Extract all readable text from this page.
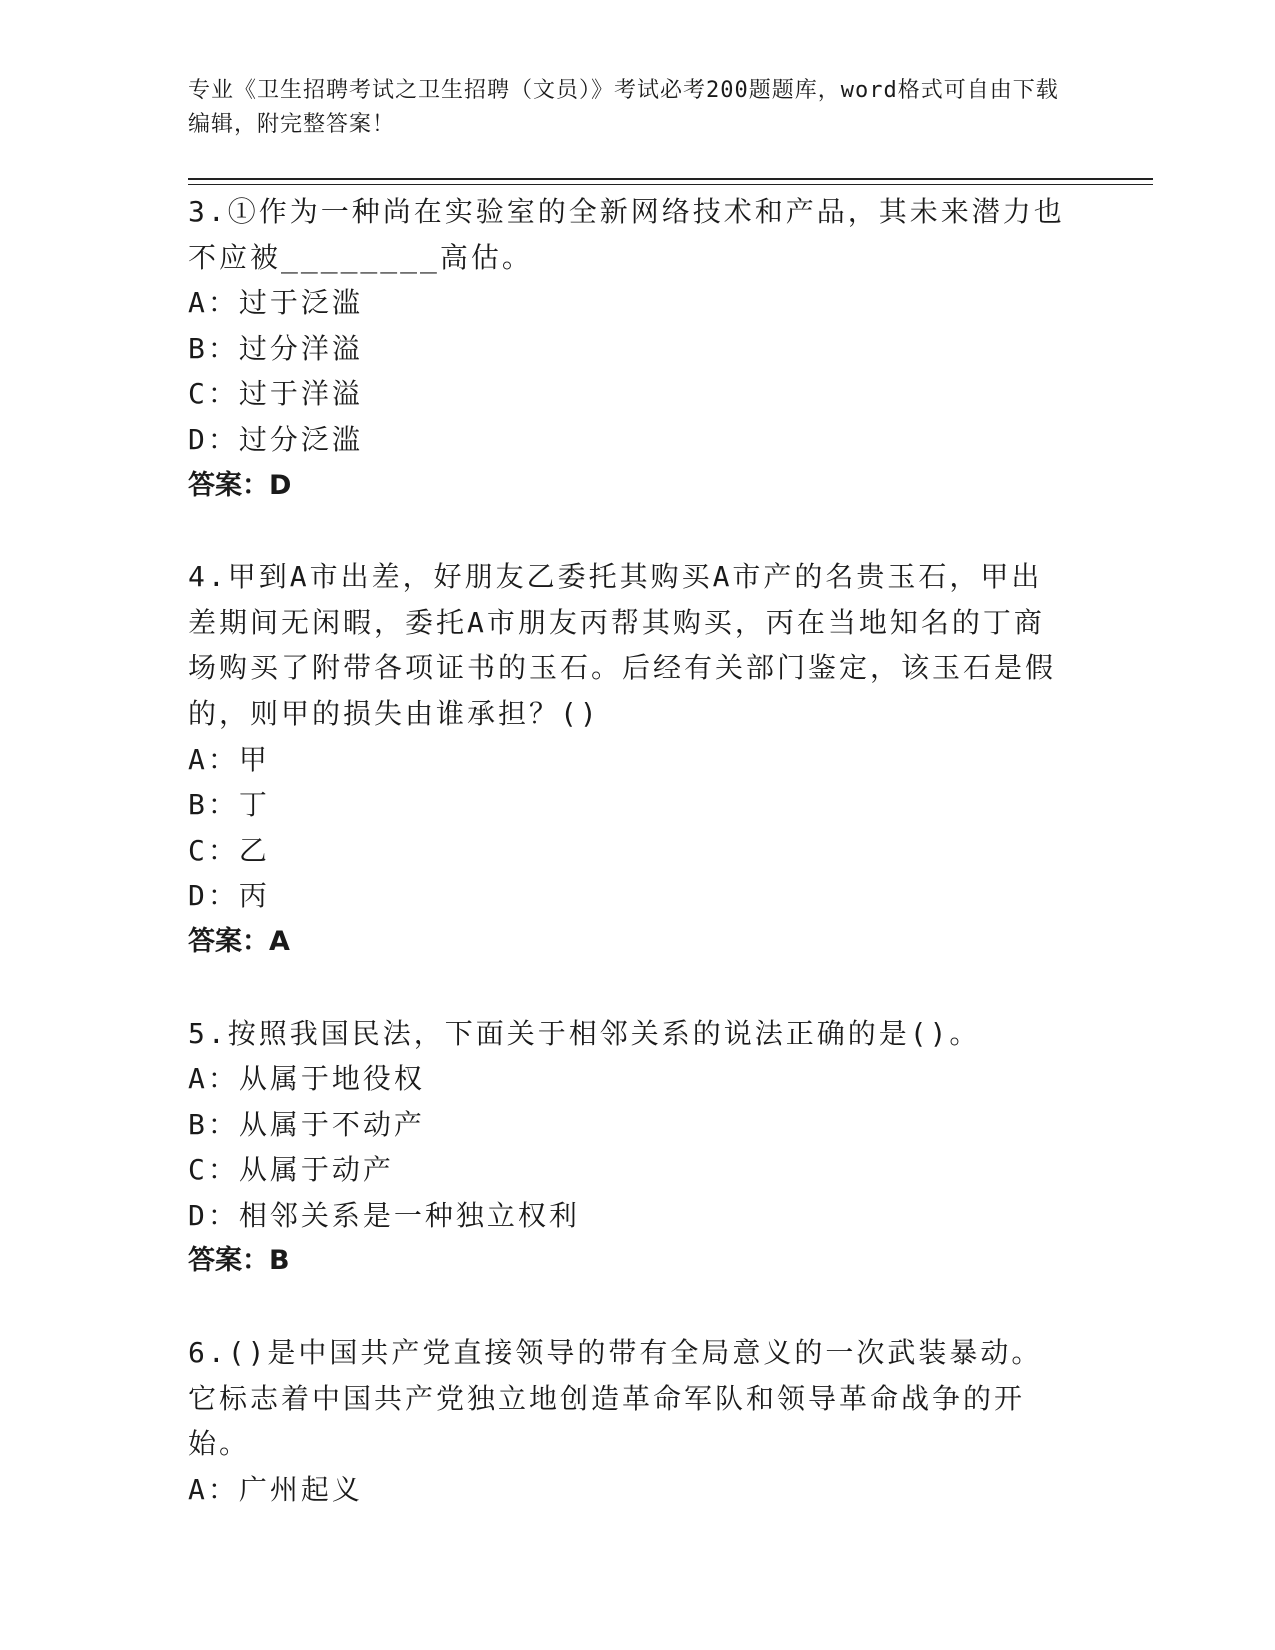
专业《卫生招聘考试之卫生招聘（文员）》考试必考200题题库，word格式可自由下载编辑，附完整答案！

3.①作为一种尚在实验室的全新网络技术和产品，其未来潜力也不应被________高估。

A：过于泛滥

B：过分洋溢

C：过于洋溢

D：过分泛滥

答案：D

4.甲到A市出差，好朋友乙委托其购买A市产的名贵玉石，甲出差期间无闲暇，委托A市朋友丙帮其购买，丙在当地知名的丁商场购买了附带各项证书的玉石。后经有关部门鉴定，该玉石是假的，则甲的损失由谁承担？()

A：甲

B：丁

C：乙

D：丙

答案：A

5.按照我国民法，下面关于相邻关系的说法正确的是()。

A：从属于地役权

B：从属于不动产

C：从属于动产

D：相邻关系是一种独立权利

答案：B

6.()是中国共产党直接领导的带有全局意义的一次武装暴动。它标志着中国共产党独立地创造革命军队和领导革命战争的开始。

A：广州起义
